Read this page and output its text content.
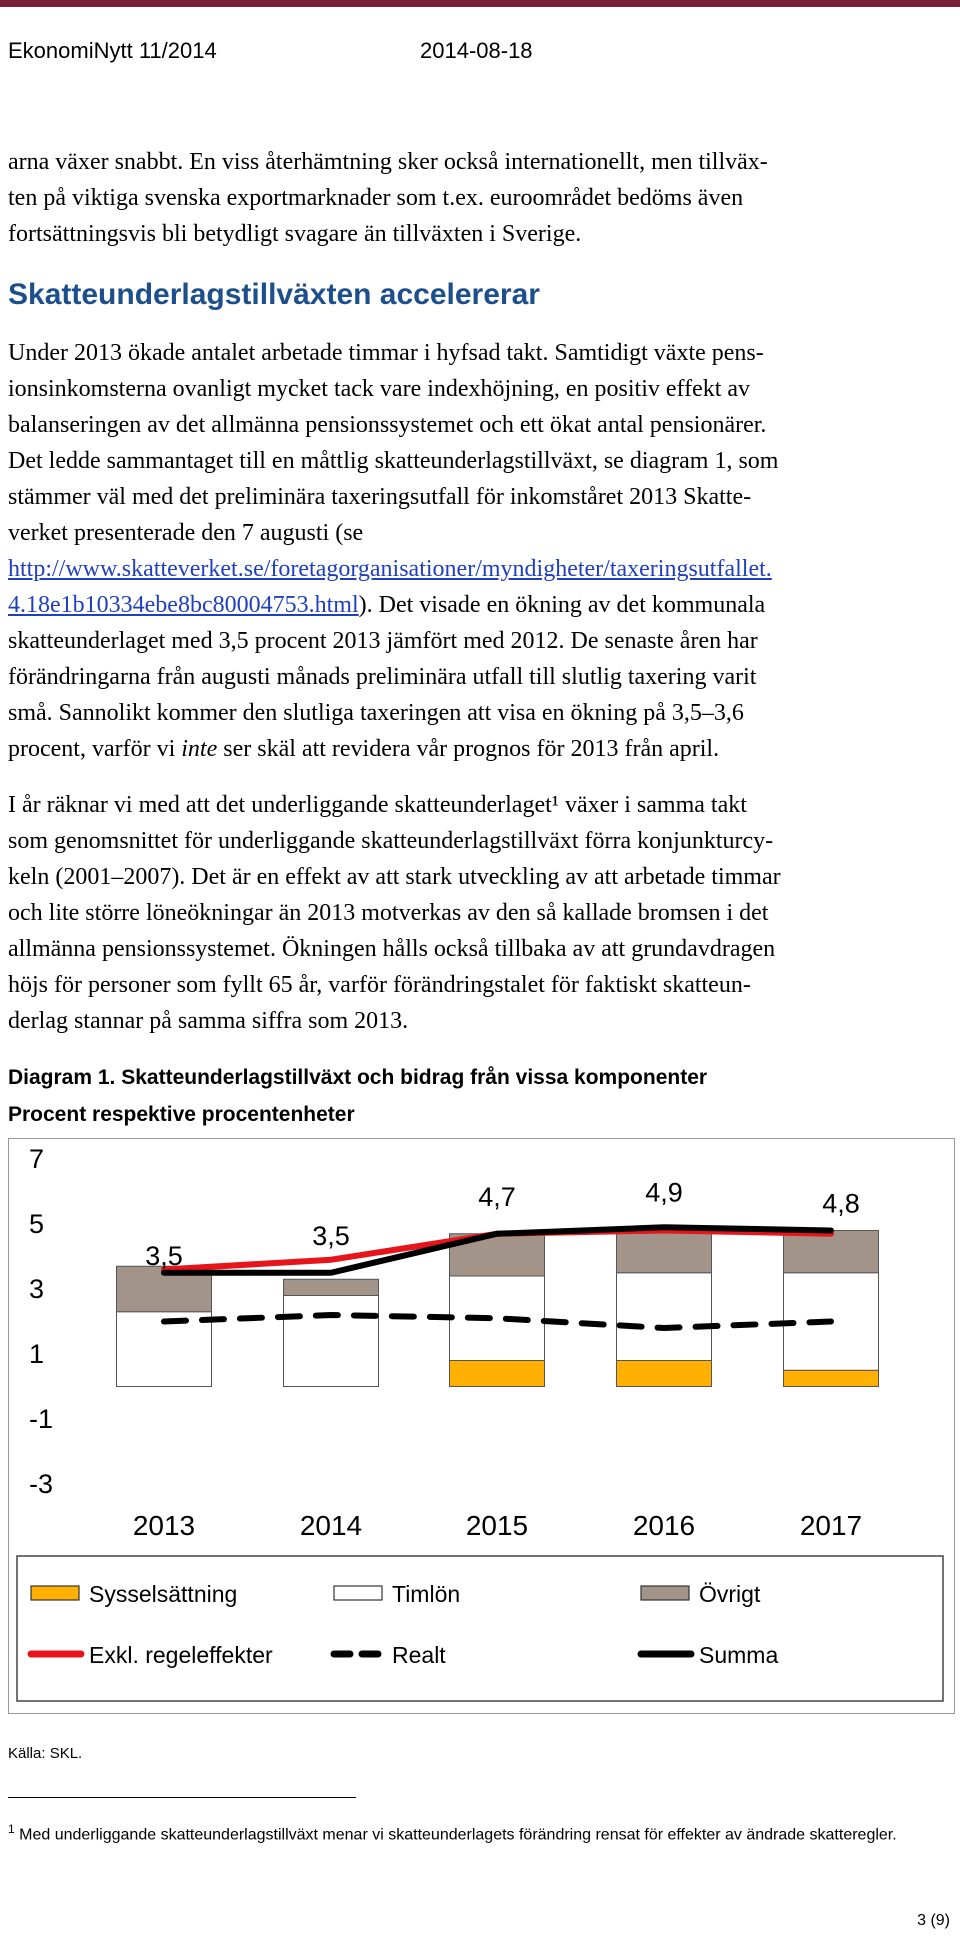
EkonomiNytt 11/2014	2014-08-18

arna växer snabbt. En viss återhämtning sker också internationellt, men tillväx-

ten på viktiga svenska exportmarknader som t.ex. euroområdet bedöms även

fortsättningsvis bli betydligt svagare än tillväxten i Sverige.

Skatteunderlagstillväxten accelererar

Under 2013 ökade antalet arbetade timmar i hyfsad takt. Samtidigt växte pens-

ionsinkomsterna ovanligt mycket tack vare indexhöjning, en positiv effekt av

balanseringen av det allmänna pensionssystemet och ett ökat antal pensionärer.

Det ledde sammantaget till en måttlig skatteunderlagstillväxt, se diagram 1, som

stämmer väl med det preliminära taxeringsutfall för inkomståret 2013 Skatte-

verket presenterade den 7 augusti (se

http://www.skatteverket.se/foretagorganisationer/myndigheter/taxeringsutfallet.

4.18e1b10334ebe8bc80004753.html). Det visade en ökning av det kommunala

skatteunderlaget med 3,5 procent 2013 jämfört med 2012. De senaste åren har

förändringarna från augusti månads preliminära utfall till slutlig taxering varit

små. Sannolikt kommer den slutliga taxeringen att visa en ökning på 3,5–3,6

procent, varför vi inte ser skäl att revidera vår prognos för 2013 från april.

I år räknar vi med att det underliggande skatteunderlaget¹ växer i samma takt

som genomsnittet för underliggande skatteunderlagstillväxt förra konjunkturcy-

keln (2001–2007). Det är en effekt av att stark utveckling av att arbetade timmar

och lite större löneökningar än 2013 motverkas av den så kallade bromsen i det

allmänna pensionssystemet. Ökningen hålls också tillbaka av att grundavdragen

höjs för personer som fyllt 65 år, varför förändringstalet för faktiskt skatteun-

derlag stannar på samma siffra som 2013.

Diagram 1. Skatteunderlagstillväxt och bidrag från vissa komponenter
Procent respektive procentenheter
7
5
3
1
-1
-3
3,5
3,5
4,7	4,9	4,8
2013	2014	2015	2016	2017
Sysselsättning	Timlön	Övrigt
Exkl. regeleffekter	Realt	Summa
Källa: SKL.
$^1$ Med underliggande skatteunderlagstillväxt menar vi skatteunderlagets förändring rensat för effekter av ändrade skatteregler.
3 (9)
